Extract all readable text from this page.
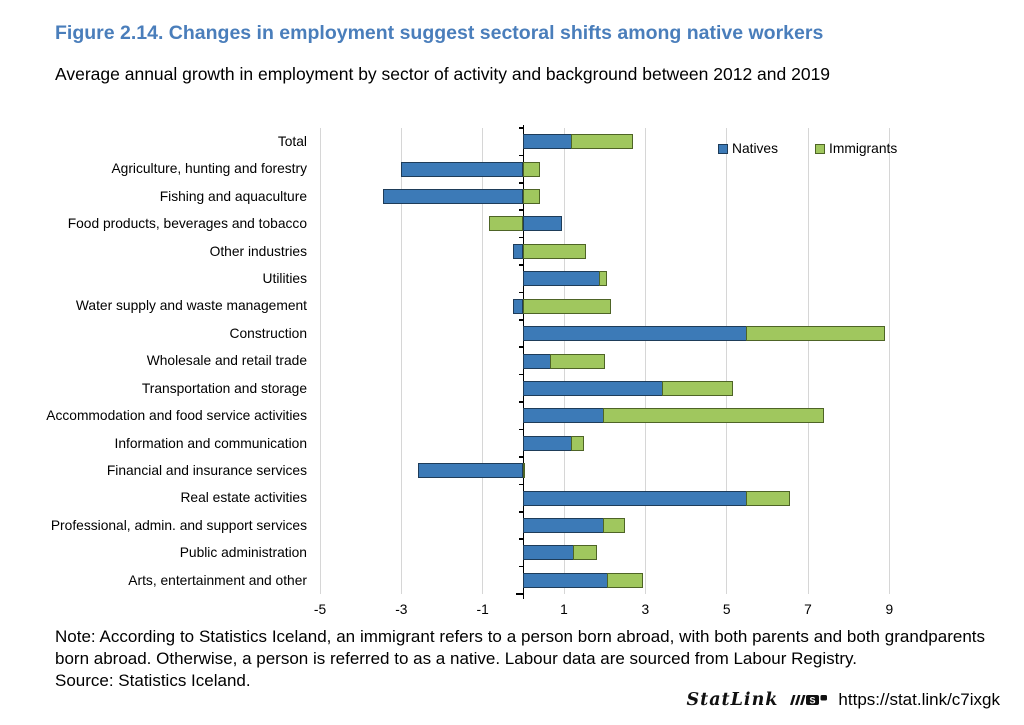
Figure 2.14. Changes in employment suggest sectoral shifts among native workers
Average annual growth in employment by sector of activity and background between 2012 and 2019
Total
Agriculture, hunting and forestry
Fishing and aquaculture
Food products, beverages and tobacco
Other industries
Utilities
Water supply and waste management
Construction
Wholesale and retail trade
Transportation and storage
Accommodation and food service activities
Information and communication
Financial and insurance services
Real estate activities
Professional, admin. and support services
Public administration
Arts, entertainment and other
-5	-3	-1	1	3	5	7	9
Natives	Immigrants

Note: According to Statistics Iceland, an immigrant refers to a person born abroad, with both parents and both grandparents born abroad. Otherwise, a person is referred to as a native. Labour data are sourced from Labour Registry.

Source: Statistics Iceland.

StatLink	S https://stat.link/c7ixgk
